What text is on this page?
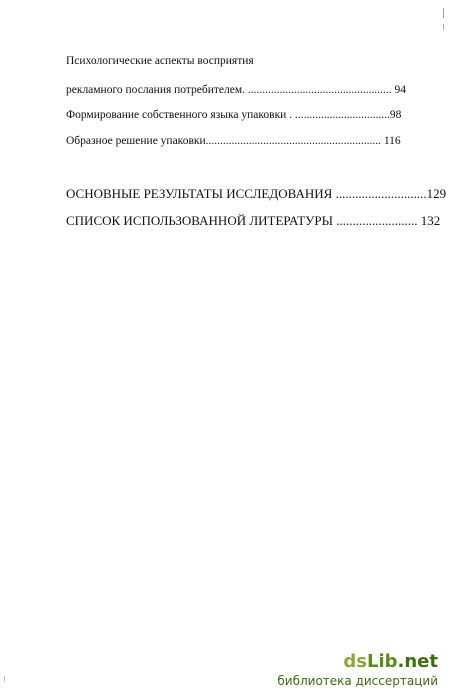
Психологические аспекты восприятия
рекламного послания потребителем. .................................................. 94
Формирование собственного языка упаковки . .................................98
Образное решение упаковки............................................................. 116
ОСНОВНЫЕ РЕЗУЛЬТАТЫ ИССЛЕДОВАНИЯ ............................129
СПИСОК ИСПОЛЬЗОВАННОЙ ЛИТЕРАТУРЫ ......................... 132
dsLib.net
библиотека диссертаций
